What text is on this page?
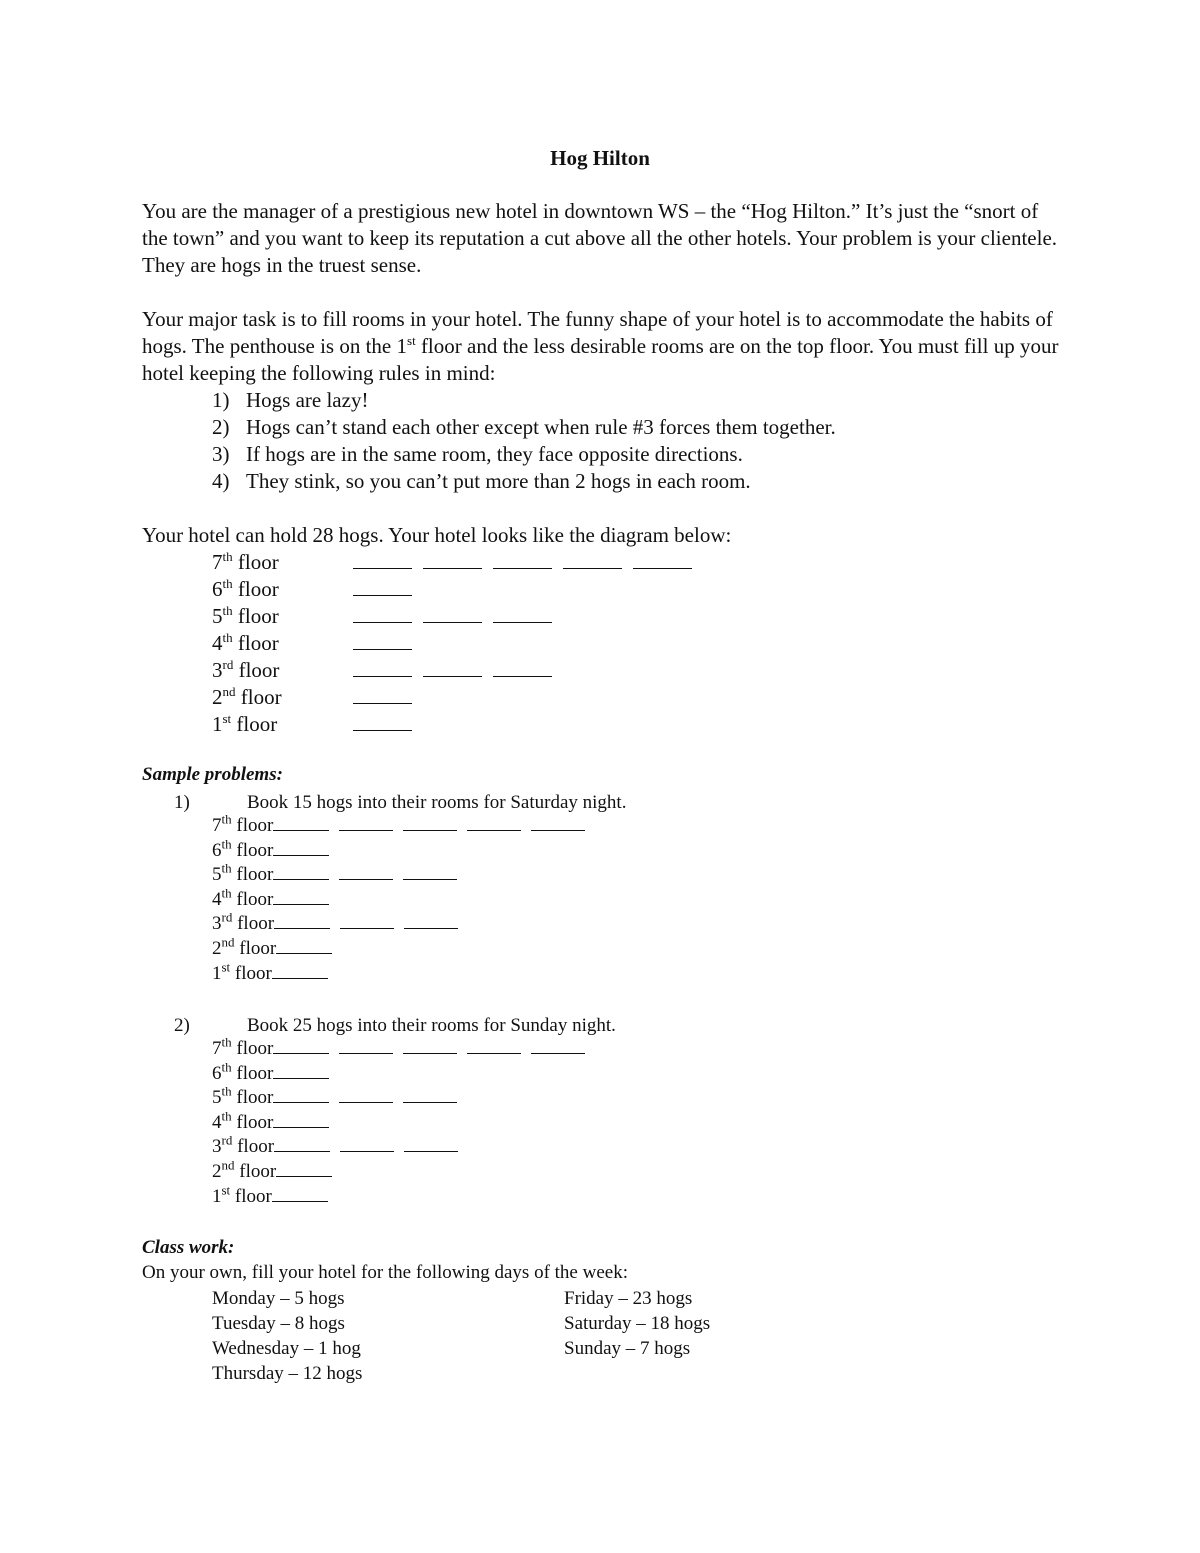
Hog Hilton

You are the manager of a prestigious new hotel in downtown WS – the “Hog Hilton.” It’s just the “snort of the town” and you want to keep its reputation a cut above all the other hotels. Your problem is your clientele. They are hogs in the truest sense.

Your major task is to fill rooms in your hotel. The funny shape of your hotel is to accommodate the habits of hogs. The penthouse is on the 1st floor and the less desirable rooms are on the top floor. You must fill up your hotel keeping the following rules in mind:

1) Hogs are lazy!
2) Hogs can’t stand each other except when rule #3 forces them together.
3) If hogs are in the same room, they face opposite directions.
4) They stink, so you can’t put more than 2 hogs in each room.

Your hotel can hold 28 hogs. Your hotel looks like the diagram below:

7th floor
6th floor
5th floor
4th floor
3rd floor
2nd floor
1st floor
Sample problems:
1)	Book 15 hogs into their rooms for Saturday night.
7th floor
6th floor
5th floor
4th floor
3rd floor
2nd floor
1st floor
2)	Book 25 hogs into their rooms for Sunday night.
7th floor
6th floor
5th floor
4th floor
3rd floor
2nd floor
1st floor
Class work:
On your own, fill your hotel for the following days of the week:
Monday – 5 hogs	Friday – 23 hogs
Tuesday – 8 hogs	Saturday – 18 hogs
Wednesday – 1 hog	Sunday – 7 hogs
Thursday – 12 hogs
